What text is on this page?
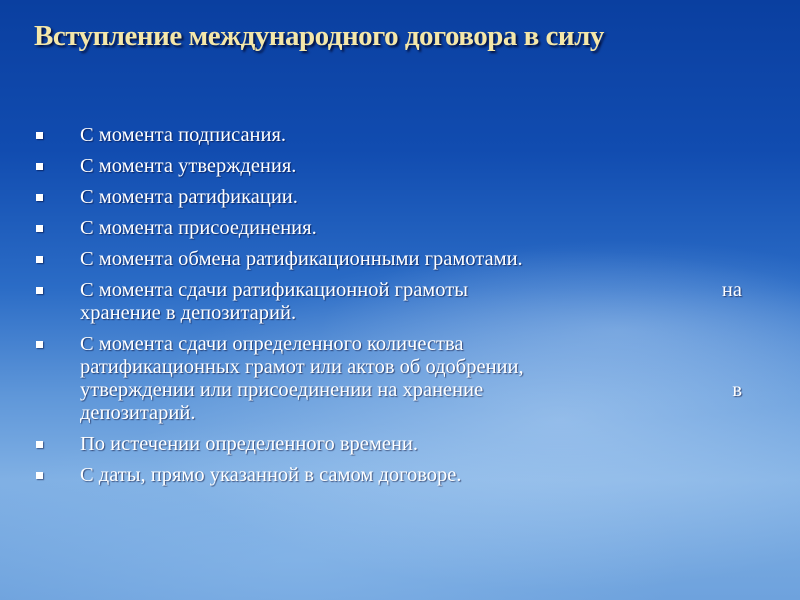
Вступление международного договора в силу
С момента подписания.
С момента утверждения.
С момента ратификации.
С момента присоединения.
С момента обмена ратификационными грамотами.
С момента сдачи ратификационной грамоты	на
хранение в депозитарий.
С момента сдачи определенного количества
ратификационных грамот или актов об одобрении,
утверждении или присоединении на хранение	в
депозитарий.
По истечении определенного времени.
С даты, прямо указанной в самом договоре.
